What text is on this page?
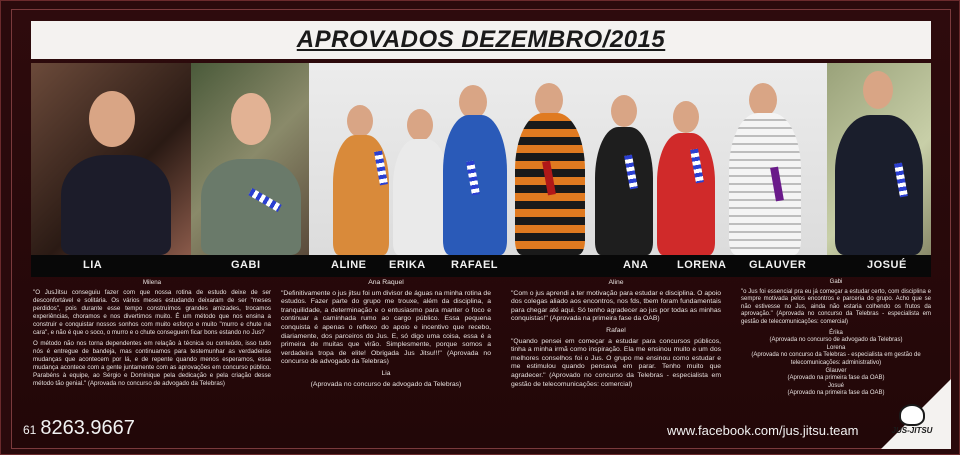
APROVADOS DEZEMBRO/2015
LIA	GABI	ALINE ERIKA RAFAEL	ANA	LORENA GLAUVER	JOSUÉ
Milena

"O JusJitsu conseguiu fazer com que nossa rotina de estudo deixe de ser desconfortável e solitária. Os vários meses estudando deixaram de ser "meses perdidos", pois durante esse tempo construímos grandes amizades, trocamos experiências, choramos e nos divertimos muito. É um método que nos ensina a construir e conquistar nossos sonhos com muito esforço e muito "murro e chute na cara", e não é que o soco, o murro e o chute conseguem ficar bons estando no Jus?

O método não nos torna dependentes em relação à técnica ou conteúdo, isso tudo nós é entregue de bandeja, mas continuamos para testemunhar as verdadeiras mudanças que acontecem por lá, e de repente quando menos esperamos, essa mudança acontece com a gente juntamente com as aprovações em concurso público. Parabéns à equipe, ao Sérgio e Dominique pela dedicação e pela criação desse método tão genial." (Aprovada no concurso de advogado da Telebras)

Ana Raquel

"Definitivamente o jus jitsu foi um divisor de águas na minha rotina de estudos. Fazer parte do grupo me trouxe, além da disciplina, a tranquilidade, a determinação e o entusiasmo para manter o foco e continuar a caminhada rumo ao cargo público. Essa pequena conquista é apenas o reflexo do apoio e incentivo que recebo, diariamente, dos parceiros do Jus. E, só digo uma coisa, essa é a primeira de muitas que virão. Simplesmente, porque somos a verdadeira tropa de elite! Obrigada Jus Jitsu!!!" (Aprovada no concurso de advogado da Telebras)

Lia
(Aprovada no concurso de advogado da Telebras)
Aline

"Com o jus aprendi a ter motivação para estudar e disciplina. O apoio dos colegas aliado aos encontros, nos fds, tbem foram fundamentais para chegar até aqui. Só tenho agradecer ao jus por todas as minhas conquistas!" (Aprovada na primeira fase da OAB)

Rafael

"Quando pensei em começar a estudar para concursos públicos, tinha a minha irmã como inspiração. Ela me ensinou muito e um dos melhores conselhos foi o Jus. O grupo me ensinou como estudar e me estimulou quando pensava em parar. Tenho muito que agradecer." (Aprovado no concurso da Telebras - especialista em gestão de telecomunicações: comercial)

Gabi

"o Jus foi essencial pra eu já começar a estudar certo, com disciplina e sempre motivada pelos encontros e parceria do grupo. Acho que se não estivesse no Jus, ainda não estaria colhendo os frutos da aprovação." (Aprovada no concurso da Telebras - especialista em gestão de telecomunicações: comercial)

Érika
(Aprovada no concurso de advogado da Telebras)
Lorena
(Aprovada no concurso da Telebras - especialista em gestão de telecomunicações: administrativo)
Glauver
(Aprovado na primeira fase da OAB)
Josué
(Aprovado na primeira fase da OAB)
61 8263.9667	www.facebook.com/jus.jitsu.team	JUS-JITSU
